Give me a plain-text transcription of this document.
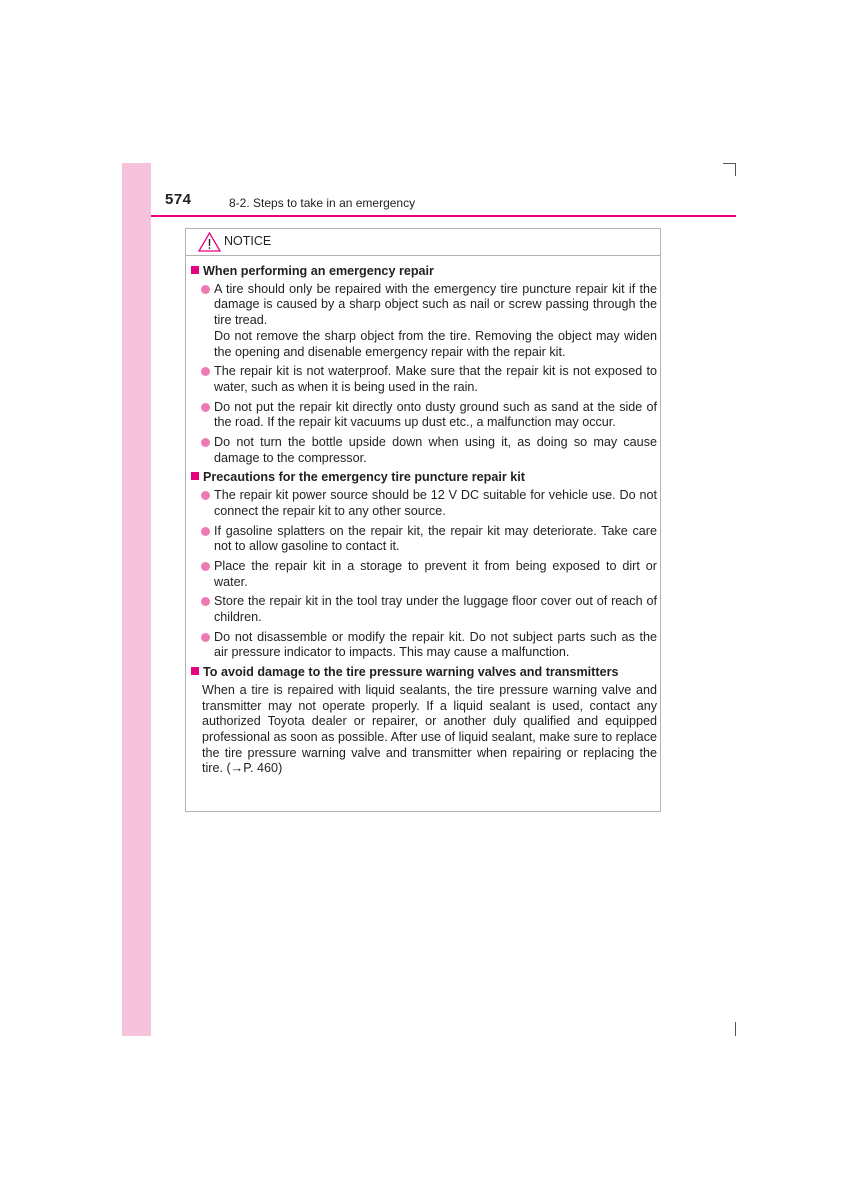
574	8-2. Steps to take in an emergency
NOTICE
When performing an emergency repair
A tire should only be repaired with the emergency tire puncture repair kit if the damage is caused by a sharp object such as nail or screw passing through the tire tread.
Do not remove the sharp object from the tire. Removing the object may widen the opening and disenable emergency repair with the repair kit.
The repair kit is not waterproof. Make sure that the repair kit is not exposed to water, such as when it is being used in the rain.
Do not put the repair kit directly onto dusty ground such as sand at the side of the road. If the repair kit vacuums up dust etc., a malfunction may occur.
Do not turn the bottle upside down when using it, as doing so may cause damage to the compressor.
Precautions for the emergency tire puncture repair kit
The repair kit power source should be 12 V DC suitable for vehicle use. Do not connect the repair kit to any other source.
If gasoline splatters on the repair kit, the repair kit may deteriorate. Take care not to allow gasoline to contact it.
Place the repair kit in a storage to prevent it from being exposed to dirt or water.
Store the repair kit in the tool tray under the luggage floor cover out of reach of children.
Do not disassemble or modify the repair kit. Do not subject parts such as the air pressure indicator to impacts. This may cause a malfunction.
To avoid damage to the tire pressure warning valves and transmitters
When a tire is repaired with liquid sealants, the tire pressure warning valve and transmitter may not operate properly. If a liquid sealant is used, contact any authorized Toyota dealer or repairer, or another duly qualified and equipped professional as soon as possible. After use of liquid sealant, make sure to replace the tire pressure warning valve and transmitter when repairing or replacing the tire. (→P. 460)
